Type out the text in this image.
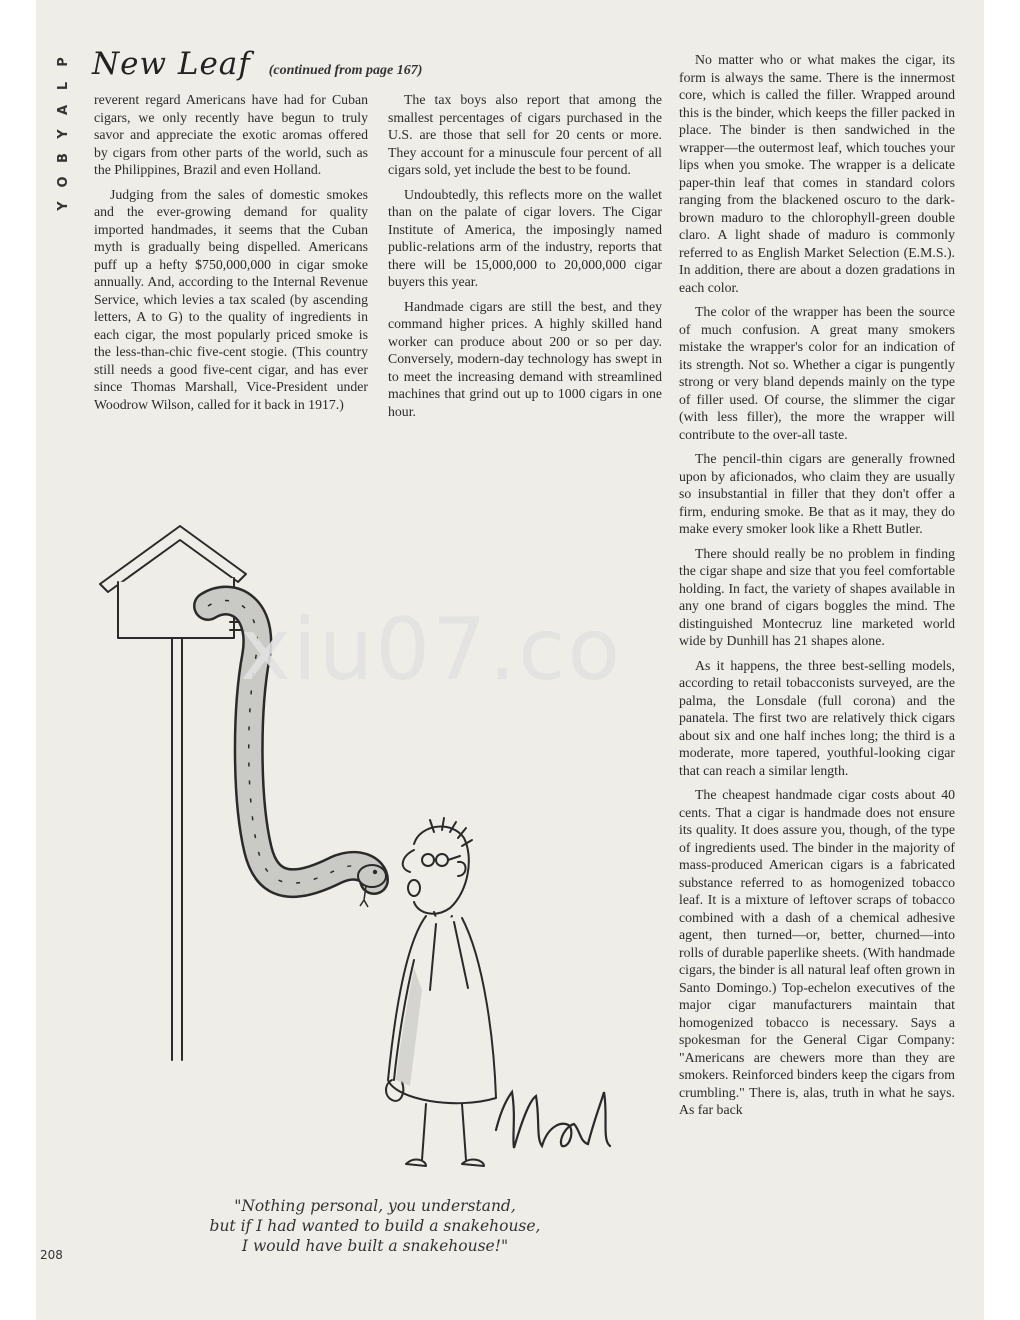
P
L
A
Y
B
O
Y
New Leaf (continued from page 167)

reverent regard Americans have had for Cuban cigars, we only recently have begun to truly savor and appreciate the exotic aromas offered by cigars from other parts of the world, such as the Philippines, Brazil and even Holland.

Judging from the sales of domestic smokes and the ever-growing demand for quality imported handmades, it seems that the Cuban myth is gradually being dispelled. Americans puff up a hefty $750,000,000 in cigar smoke annually. And, according to the Internal Revenue Service, which levies a tax scaled (by ascending letters, A to G) to the quality of ingredients in each cigar, the most popularly priced smoke is the less-than-chic five-cent stogie. (This country still needs a good five-cent cigar, and has ever since Thomas Marshall, Vice-President under Woodrow Wilson, called for it back in 1917.)

The tax boys also report that among the smallest percentages of cigars purchased in the U.S. are those that sell for 20 cents or more. They account for a minuscule four percent of all cigars sold, yet include the best to be found.

Undoubtedly, this reflects more on the wallet than on the palate of cigar lovers. The Cigar Institute of America, the imposingly named public-relations arm of the industry, reports that there will be 15,000,000 to 20,000,000 cigar buyers this year.

Handmade cigars are still the best, and they command higher prices. A highly skilled hand worker can produce about 200 or so per day. Conversely, modern-day technology has swept in to meet the increasing demand with streamlined machines that grind out up to 1000 cigars in one hour.

No matter who or what makes the cigar, its form is always the same. There is the innermost core, which is called the filler. Wrapped around this is the binder, which keeps the filler packed in place. The binder is then sandwiched in the wrapper—the outermost leaf, which touches your lips when you smoke. The wrapper is a delicate paper-thin leaf that comes in standard colors ranging from the blackened oscuro to the dark-brown maduro to the chlorophyll-green double claro. A light shade of maduro is commonly referred to as English Market Selection (E.M.S.). In addition, there are about a dozen gradations in each color.

The color of the wrapper has been the source of much confusion. A great many smokers mistake the wrapper's color for an indication of its strength. Not so. Whether a cigar is pungently strong or very bland depends mainly on the type of filler used. Of course, the slimmer the cigar (with less filler), the more the wrapper will contribute to the over-all taste.

The pencil-thin cigars are generally frowned upon by aficionados, who claim they are usually so insubstantial in filler that they don't offer a firm, enduring smoke. Be that as it may, they do make every smoker look like a Rhett Butler.

There should really be no problem in finding the cigar shape and size that you feel comfortable holding. In fact, the variety of shapes available in any one brand of cigars boggles the mind. The distinguished Montecruz line marketed world wide by Dunhill has 21 shapes alone.

As it happens, the three best-selling models, according to retail tobacconists surveyed, are the palma, the Lonsdale (full corona) and the panatela. The first two are relatively thick cigars about six and one half inches long; the third is a moderate, more tapered, youthful-looking cigar that can reach a similar length.

The cheapest handmade cigar costs about 40 cents. That a cigar is handmade does not ensure its quality. It does assure you, though, of the type of ingredients used. The binder in the majority of mass-produced American cigars is a fabricated substance referred to as homogenized tobacco leaf. It is a mixture of leftover scraps of tobacco combined with a dash of a chemical adhesive agent, then turned—or, better, churned—into rolls of durable paperlike sheets. (With handmade cigars, the binder is all natural leaf often grown in Santo Domingo.) Top-echelon executives of the major cigar manufacturers maintain that homogenized tobacco is necessary. Says a spokesman for the General Cigar Company: "Americans are chewers more than they are smokers. Reinforced binders keep the cigars from crumbling." There is, alas, truth in what he says. As far back

xiu07.co
"Nothing personal, you understand,
but if I had wanted to build a snakehouse,
I would have built a snakehouse!"
208
